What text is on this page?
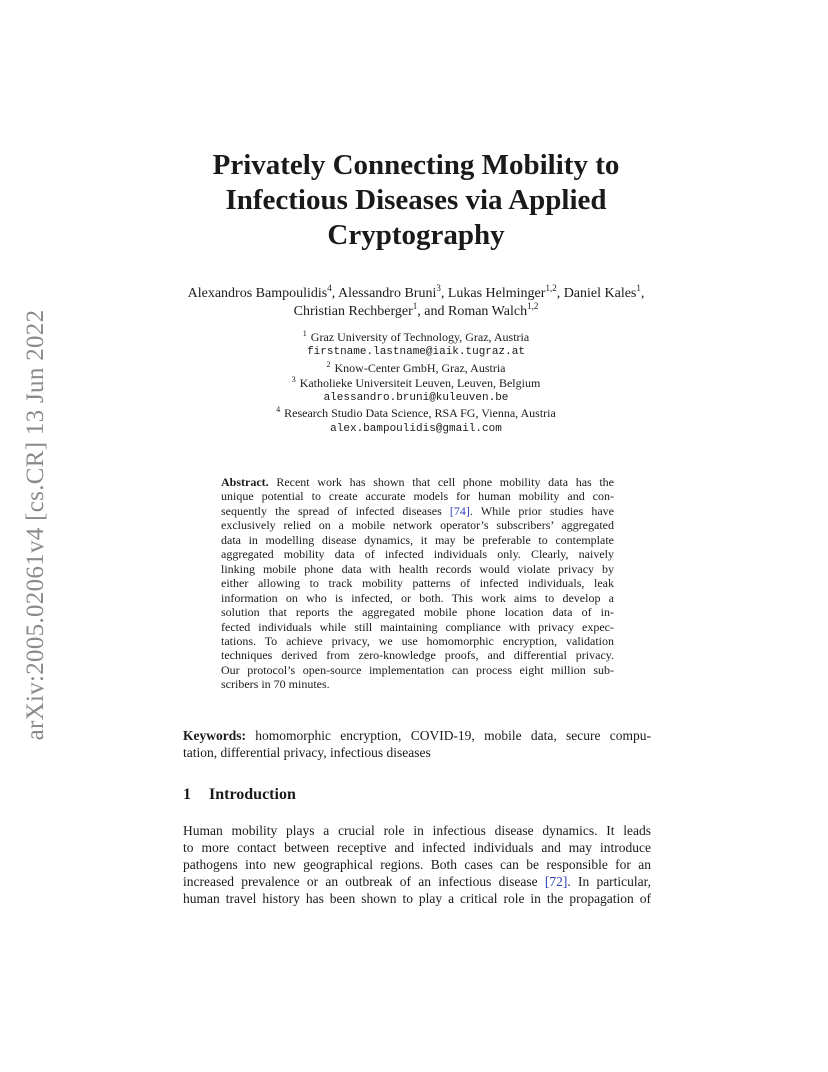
arXiv:2005.02061v4 [cs.CR] 13 Jun 2022
Privately Connecting Mobility to
Infectious Diseases via Applied
Cryptography
Alexandros Bampoulidis$^4$, Alessandro Bruni$^3$, Lukas Helminger$^{1,2}$, Daniel Kales$^1$, Christian Rechberger$^1$, and Roman Walch$^{1,2}$
$^1$ Graz University of Technology, Graz, Austria
firstname.lastname@iaik.tugraz.at
$^2$ Know-Center GmbH, Graz, Austria
$^3$ Katholieke Universiteit Leuven, Leuven, Belgium
alessandro.bruni@kuleuven.be
$^4$ Research Studio Data Science, RSA FG, Vienna, Austria
alex.bampoulidis@gmail.com
Abstract. Recent work has shown that cell phone mobility data has the
unique potential to create accurate models for human mobility and con-
sequently the spread of infected diseases [74]. While prior studies have
exclusively relied on a mobile network operator’s subscribers’ aggregated
data in modelling disease dynamics, it may be preferable to contemplate
aggregated mobility data of infected individuals only. Clearly, naively
linking mobile phone data with health records would violate privacy by
either allowing to track mobility patterns of infected individuals, leak
information on who is infected, or both. This work aims to develop a
solution that reports the aggregated mobile phone location data of in-
fected individuals while still maintaining compliance with privacy expec-
tations. To achieve privacy, we use homomorphic encryption, validation
techniques derived from zero-knowledge proofs, and differential privacy.
Our protocol’s open-source implementation can process eight million sub-
scribers in 70 minutes.
Keywords: homomorphic encryption, COVID-19, mobile data, secure compu-
tation, differential privacy, infectious diseases
1 Introduction
Human mobility plays a crucial role in infectious disease dynamics. It leads
to more contact between receptive and infected individuals and may introduce
pathogens into new geographical regions. Both cases can be responsible for an
increased prevalence or an outbreak of an infectious disease [72]. In particular,
human travel history has been shown to play a critical role in the propagation of
